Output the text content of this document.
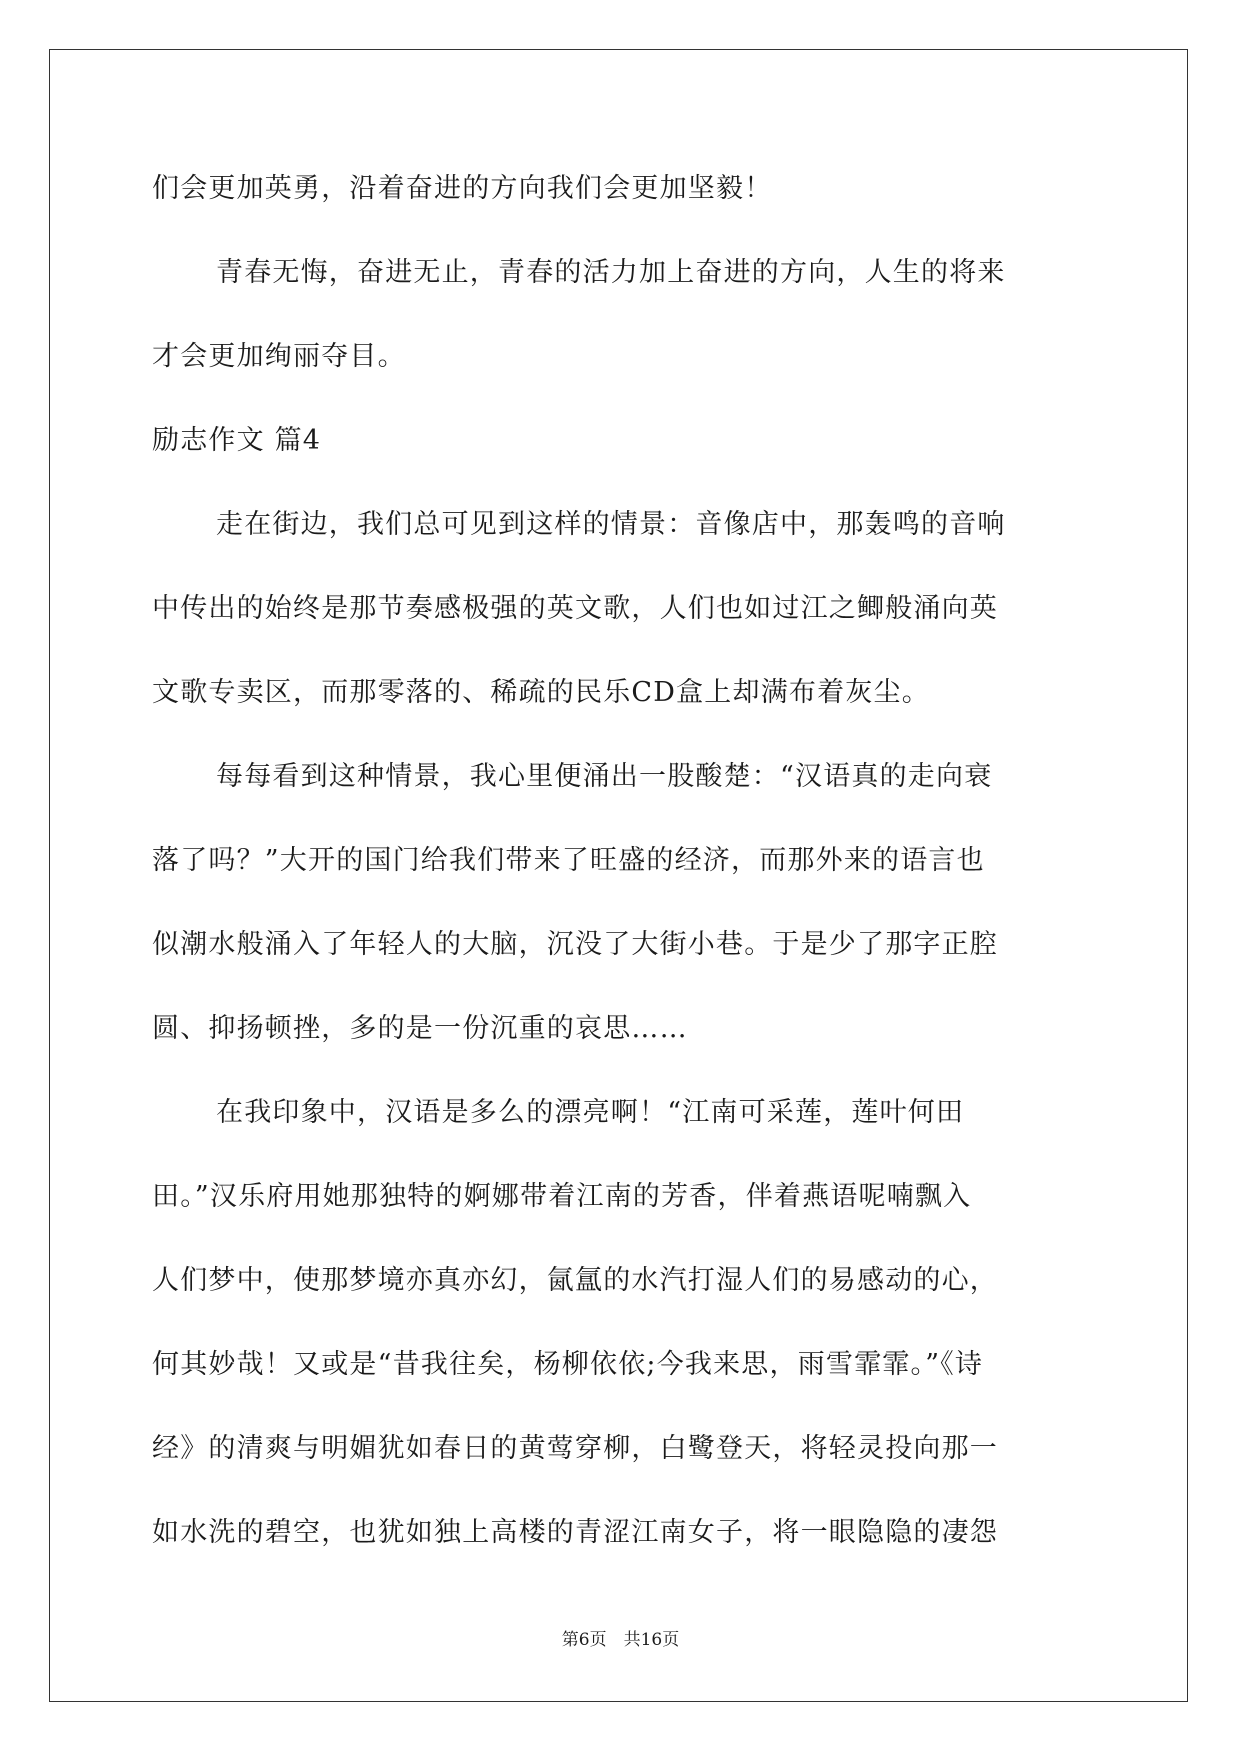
们会更加英勇，沿着奋进的方向我们会更加坚毅！
青春无悔，奋进无止，青春的活力加上奋进的方向，人生的将来
才会更加绚丽夺目。
励志作文 篇4
走在街边，我们总可见到这样的情景：音像店中，那轰鸣的音响
中传出的始终是那节奏感极强的英文歌，人们也如过江之鲫般涌向英
文歌专卖区，而那零落的、稀疏的民乐CD盒上却满布着灰尘。
每每看到这种情景，我心里便涌出一股酸楚：“汉语真的走向衰
落了吗？”大开的国门给我们带来了旺盛的经济，而那外来的语言也
似潮水般涌入了年轻人的大脑，沉没了大街小巷。于是少了那字正腔
圆、抑扬顿挫，多的是一份沉重的哀思……
在我印象中，汉语是多么的漂亮啊！“江南可采莲，莲叶何田
田。”汉乐府用她那独特的婀娜带着江南的芳香，伴着燕语呢喃飘入
人们梦中，使那梦境亦真亦幻，氤氲的水汽打湿人们的易感动的心，
何其妙哉！又或是“昔我往矣，杨柳依依;今我来思，雨雪霏霏。”《诗
经》的清爽与明媚犹如春日的黄莺穿柳，白鹭登天，将轻灵投向那一
如水洗的碧空，也犹如独上高楼的青涩江南女子，将一眼隐隐的凄怨
第6页　共16页
